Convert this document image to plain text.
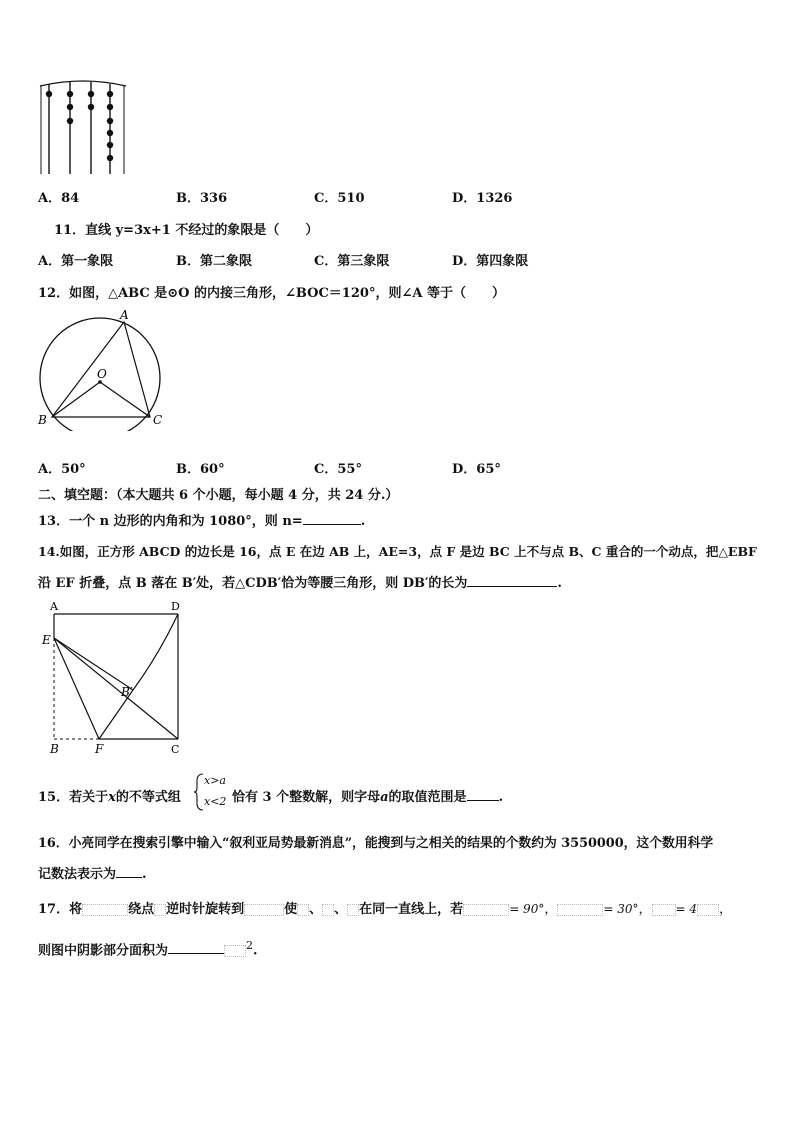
A．84	B．336	C．510	D．1326
11．直线 y=3x+1 不经过的象限是（　　）
A．第一象限	B．第二象限	C．第三象限	D．第四象限
12．如图，△ABC 是⊙O 的内接三角形，∠BOC＝120°，则∠A 等于（　　）
A
O
B	C
A．50°	B．60°	C．55°	D．65°
二、填空题：（本大题共 6 个小题，每小题 4 分，共 24 分.）
13．一个 n 边形的内角和为 1080°，则 n=	.
14.如图，正方形 ABCD 的边长是 16，点 E 在边 AB 上，AE=3，点 F 是边 BC 上不与点 B、C 重合的一个动点，把△EBF
沿 EF 折叠，点 B 落在 B′处，若△CDB′恰为等腰三角形，则 DB′的长为	.
A	D
E
B′
B	F	C
15．若关于x的不等式组
x>a
x<2 恰有 3 个整数解，则字母a的取值范围是 .
16．小亮同学在搜索引擎中输入“叙利亚局势最新消息”，能搜到与之相关的结果的个数约为 3550000，这个数用科学
记数法表示为 .
17．将	绕点 逆时针旋转到	使 、 、 在同一直线上，若	= 90°，	= 30°， = 4 ，
则图中阴影部分面积为	$^2$.
